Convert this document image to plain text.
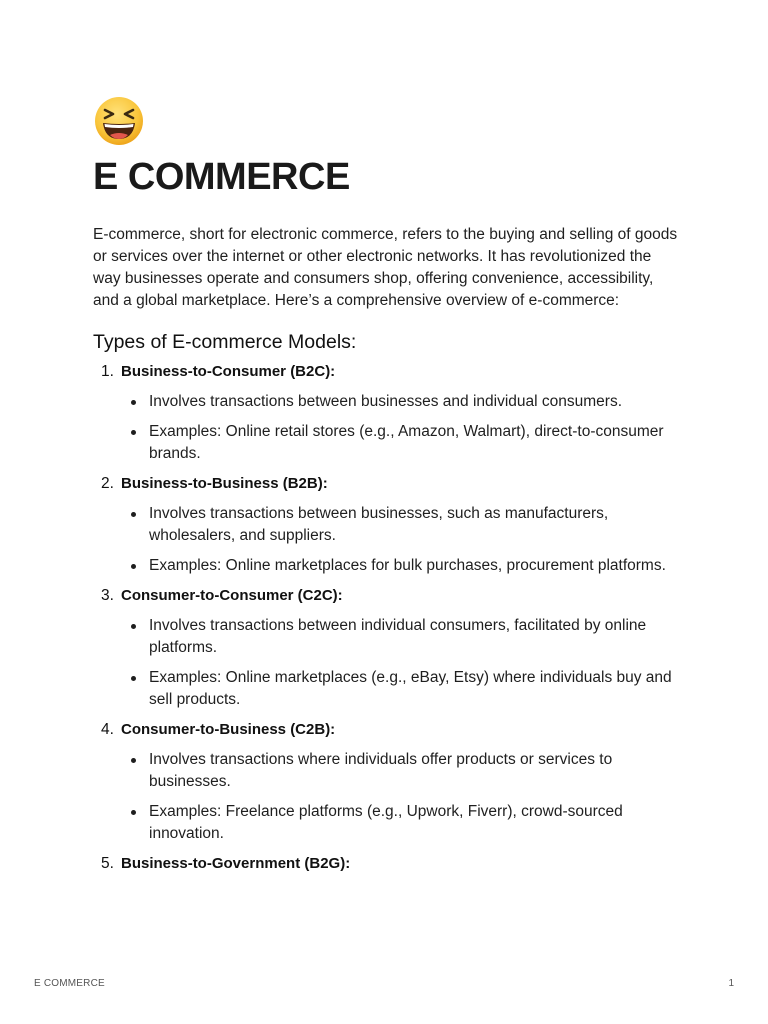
E COMMERCE

E-commerce, short for electronic commerce, refers to the buying and selling of goods or services over the internet or other electronic networks. It has revolutionized the way businesses operate and consumers shop, offering convenience, accessibility, and a global marketplace. Here’s a comprehensive overview of e-commerce:

Types of E-commerce Models:
1. Business-to-Consumer (B2C):
Involves transactions between businesses and individual consumers.
Examples: Online retail stores (e.g., Amazon, Walmart), direct-to-consumer brands.
2. Business-to-Business (B2B):
Involves transactions between businesses, such as manufacturers, wholesalers, and suppliers.
Examples: Online marketplaces for bulk purchases, procurement platforms.
3. Consumer-to-Consumer (C2C):
Involves transactions between individual consumers, facilitated by online platforms.
Examples: Online marketplaces (e.g., eBay, Etsy) where individuals buy and sell products.
4. Consumer-to-Business (C2B):
Involves transactions where individuals offer products or services to businesses.
Examples: Freelance platforms (e.g., Upwork, Fiverr), crowd-sourced innovation.
5. Business-to-Government (B2G):
E COMMERCE	1
